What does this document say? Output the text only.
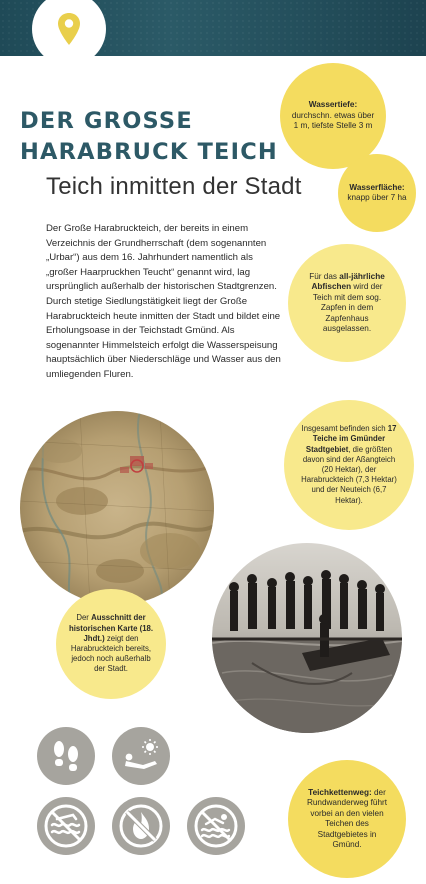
DER GROSSE
HARABRUCK TEICH
Teich inmitten der Stadt
Der Große Harabruckteich, der bereits in einem Verzeichnis der Grundherrschaft (dem sogenannten „Urbar“) aus dem 16. Jahrhundert namentlich als „großer Haarpruckhen Teucht“ genannt wird, lag ursprünglich außerhalb der historischen Stadtgrenzen. Durch stetige Siedlungstätigkeit liegt der Große Harabruckteich heute inmitten der Stadt und bildet eine Erholungsoase in der Teichstadt Gmünd. Als sogenannter Himmelsteich erfolgt die Wasserspeisung hauptsächlich über Niederschläge und Wasser aus den umliegenden Fluren.
Wassertiefe:
durchschn. etwas über 1 m, tiefste Stelle 3 m
Wasserfläche:
knapp über 7 ha
Für das all-jährliche Abfischen wird der Teich mit dem sog. Zapfen in dem Zapfenhaus ausgelassen.
Insgesamt befinden sich 17 Teiche im Gmünder Stadtgebiet, die größten davon sind der Aßangteich (20 Hektar), der Harabruckteich (7,3 Hektar) und der Neuteich (6,7 Hektar).
Der Ausschnitt der historischen Karte (18. Jhdt.) zeigt den Harabruckteich bereits, jedoch noch außerhalb der Stadt.
Teichkettenweg: der Rundwanderweg führt vorbei an den vielen Teichen des Stadtgebietes in Gmünd.
